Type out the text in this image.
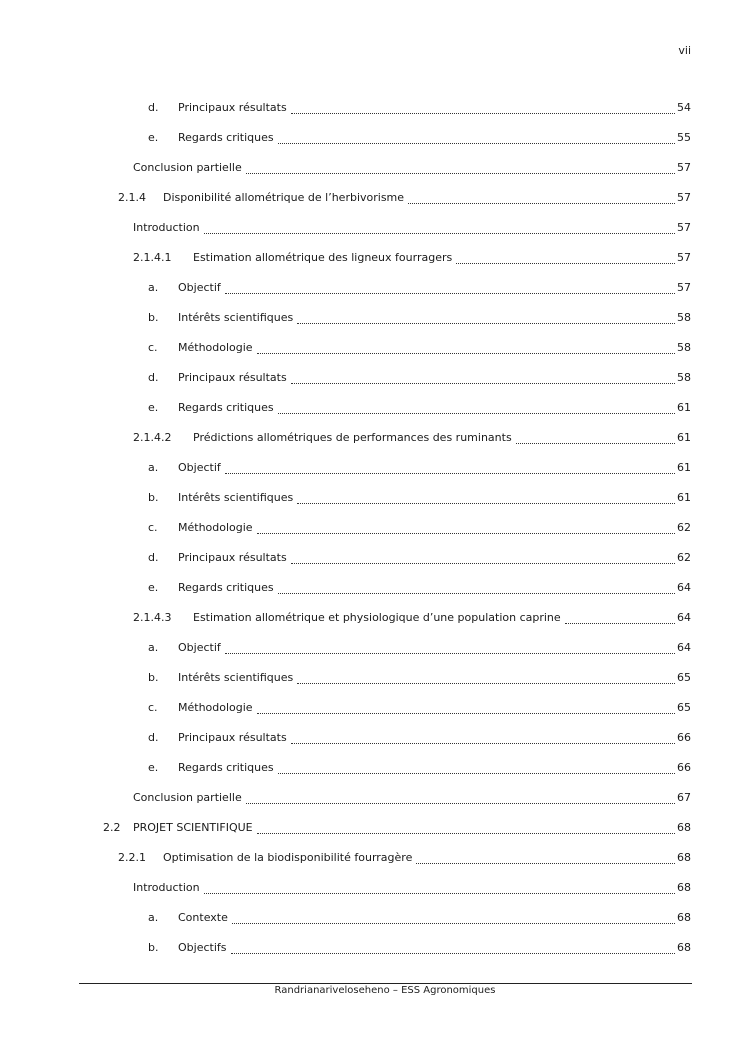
vii
d.	Principaux résultats	54
e.	Regards critiques	55
Conclusion partielle	57
2.1.4	Disponibilité allométrique de l’herbivorisme	57
Introduction	57
2.1.4.1	Estimation allométrique des ligneux fourragers	57
a.	Objectif	57
b.	Intérêts scientifiques	58
c.	Méthodologie	58
d.	Principaux résultats	58
e.	Regards critiques	61
2.1.4.2	Prédictions allométriques de performances des ruminants	61
a.	Objectif	61
b.	Intérêts scientifiques	61
c.	Méthodologie	62
d.	Principaux résultats	62
e.	Regards critiques	64
2.1.4.3	Estimation allométrique et physiologique d’une population caprine	64
a.	Objectif	64
b.	Intérêts scientifiques	65
c.	Méthodologie	65
d.	Principaux résultats	66
e.	Regards critiques	66
Conclusion partielle	67
2.2	PROJET SCIENTIFIQUE	68
2.2.1	Optimisation de la biodisponibilité fourragère	68
Introduction	68
a.	Contexte	68
b.	Objectifs	68
Randrianarivelosehenо – ESS Agronomiques
